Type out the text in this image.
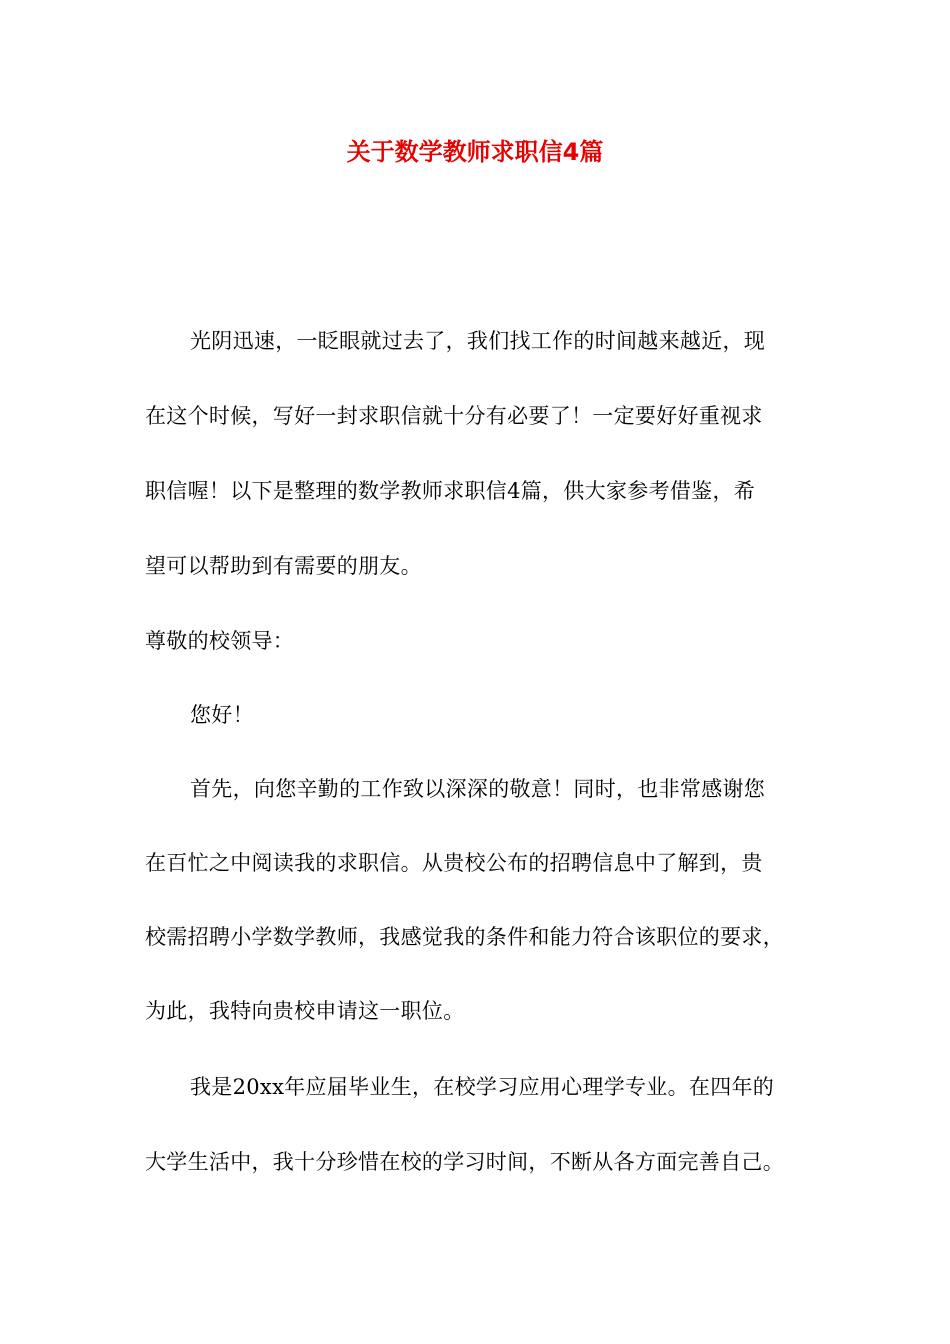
关于数学教师求职信4篇
光阴迅速，一眨眼就过去了，我们找工作的时间越来越近，现
在这个时候，写好一封求职信就十分有必要了！一定要好好重视求
职信喔！以下是整理的数学教师求职信4篇，供大家参考借鉴，希
望可以帮助到有需要的朋友。
尊敬的校领导：
您好！
首先，向您辛勤的工作致以深深的敬意！同时，也非常感谢您
在百忙之中阅读我的求职信。从贵校公布的招聘信息中了解到，贵
校需招聘小学数学教师，我感觉我的条件和能力符合该职位的要求，
为此，我特向贵校申请这一职位。
我是20xx年应届毕业生，在校学习应用心理学专业。在四年的
大学生活中，我十分珍惜在校的学习时间，不断从各方面完善自己。
